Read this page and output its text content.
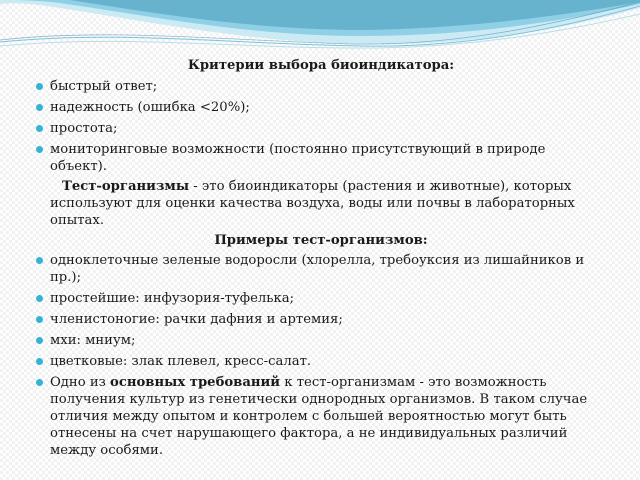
Критерии выбора биоиндикатора:
быстрый ответ;
надежность (ошибка <20%);
простота;
мониторинговые возможности (постоянно присутствующий в природе объект).
Тест-организмы - это биоиндикаторы (растения и животные), которых используют для оценки качества воздуха, воды или почвы в лабораторных опытах.
Примеры тест-организмов:
одноклеточные зеленые водоросли (хлорелла, требоуксия из лишайников и пр.);
простейшие: инфузория-туфелька;
членистоногие: рачки дафния и артемия;
мхи: мниум;
цветковые: злак плевел, кресс-салат.
Одно из основных требований к тест-организмам - это возможность получения культур из генетически однородных организмов. В таком случае отличия между опытом и контролем с большей вероятностью могут быть отнесены на счет нарушающего фактора, а не индивидуальных различий между особями.
